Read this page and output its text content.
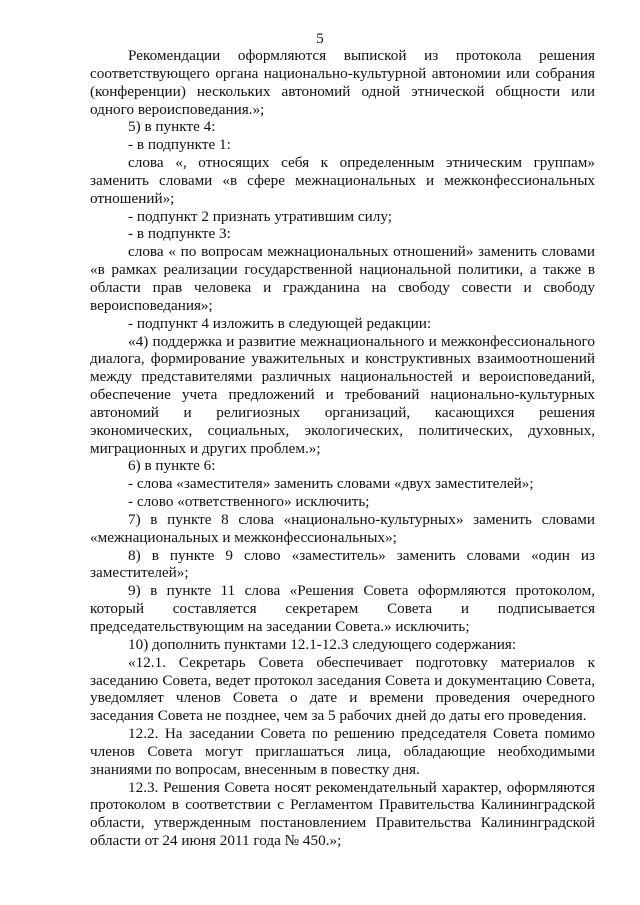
5

Рекомендации оформляются выпиской из протокола решения соответствующего органа национально-культурной автономии или собрания (конференции) нескольких автономий одной этнической общности или одного вероисповедания.»;

5) в пункте 4:

- в подпункте 1:

слова «, относящих себя к определенным этническим группам» заменить словами «в сфере межнациональных и межконфессиональных отношений»;

- подпункт 2 признать утратившим силу;

- в подпункте 3:

слова « по вопросам межнациональных отношений» заменить словами «в рамках реализации государственной национальной политики, а также в области прав человека и гражданина на свободу совести и свободу вероисповедания»;

- подпункт 4 изложить в следующей редакции:

«4) поддержка и развитие межнационального и межконфессионального диалога, формирование уважительных и конструктивных взаимоотношений между представителями различных национальностей и вероисповеданий, обеспечение учета предложений и требований национально-культурных автономий и религиозных организаций, касающихся решения экономических, социальных, экологических, политических, духовных, миграционных и других проблем.»;

6) в пункте 6:

- слова «заместителя» заменить словами «двух заместителей»;

- слово «ответственного» исключить;

7) в пункте 8 слова «национально-культурных» заменить словами «межнациональных и межконфессиональных»;

8) в пункте 9 слово «заместитель» заменить словами «один из заместителей»;

9) в пункте 11 слова «Решения Совета оформляются протоколом, который составляется секретарем Совета и подписывается председательствующим на заседании Совета.» исключить;

10) дополнить пунктами 12.1-12.3 следующего содержания:

«12.1. Секретарь Совета обеспечивает подготовку материалов к заседанию Совета, ведет протокол заседания Совета и документацию Совета, уведомляет членов Совета о дате и времени проведения очередного заседания Совета не позднее, чем за 5 рабочих дней до даты его проведения.

12.2. На заседании Совета по решению председателя Совета помимо членов Совета могут приглашаться лица, обладающие необходимыми знаниями по вопросам, внесенным в повестку дня.

12.3. Решения Совета носят рекомендательный характер, оформляются протоколом в соответствии с Регламентом Правительства Калининградской области, утвержденным постановлением Правительства Калининградской области от 24 июня 2011 года № 450.»;
